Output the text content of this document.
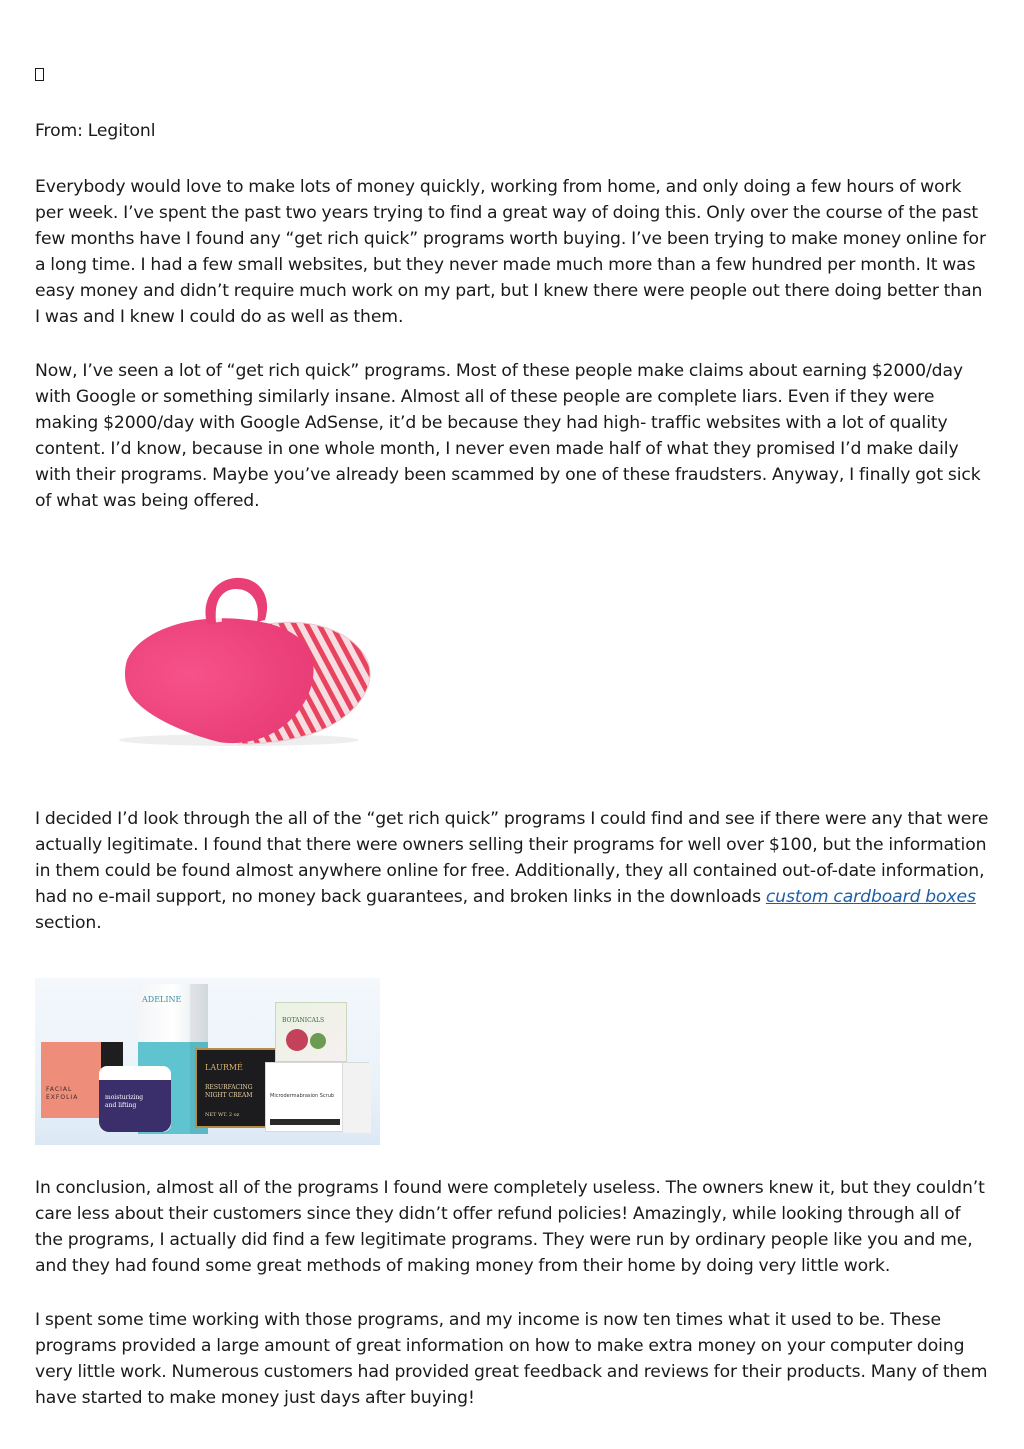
From: Legitonl

Everybody would love to make lots of money quickly, working from home, and only doing a few hours of work per week. I’ve spent the past two years trying to find a great way of doing this. Only over the course of the past few months have I found any “get rich quick” programs worth buying. I’ve been trying to make money online for a long time. I had a few small websites, but they never made much more than a few hundred per month. It was easy money and didn’t require much work on my part, but I knew there were people out there doing better than I was and I knew I could do as well as them.

Now, I’ve seen a lot of “get rich quick” programs. Most of these people make claims about earning $2000/day with Google or something similarly insane. Almost all of these people are complete liars. Even if they were making $2000/day with Google AdSense, it’d be because they had high- traffic websites with a lot of quality content. I’d know, because in one whole month, I never even made half of what they promised I’d make daily with their programs. Maybe you’ve already been scammed by one of these fraudsters. Anyway, I finally got sick of what was being offered.

I decided I’d look through the all of the “get rich quick” programs I could find and see if there were any that were actually legitimate. I found that there were owners selling their programs for well over $100, but the information in them could be found almost anywhere online for free. Additionally, they all contained out-of-date information, had no e-mail support, no money back guarantees, and broken links in the downloads custom cardboard boxes section.

ADELINE
FACIAL
EXFOLIA	moisturizing
and lifting
LAURMÉ
RESURFACING
NIGHT CREAM
NET WT. 2 oz
BOTANICALS
Microdermabrasion Scrub

In conclusion, almost all of the programs I found were completely useless. The owners knew it, but they couldn’t care less about their customers since they didn’t offer refund policies! Amazingly, while looking through all of the programs, I actually did find a few legitimate programs. They were run by ordinary people like you and me, and they had found some great methods of making money from their home by doing very little work.

I spent some time working with those programs, and my income is now ten times what it used to be. These programs provided a large amount of great information on how to make extra money on your computer doing very little work. Numerous customers had provided great feedback and reviews for their products. Many of them have started to make money just days after buying!
